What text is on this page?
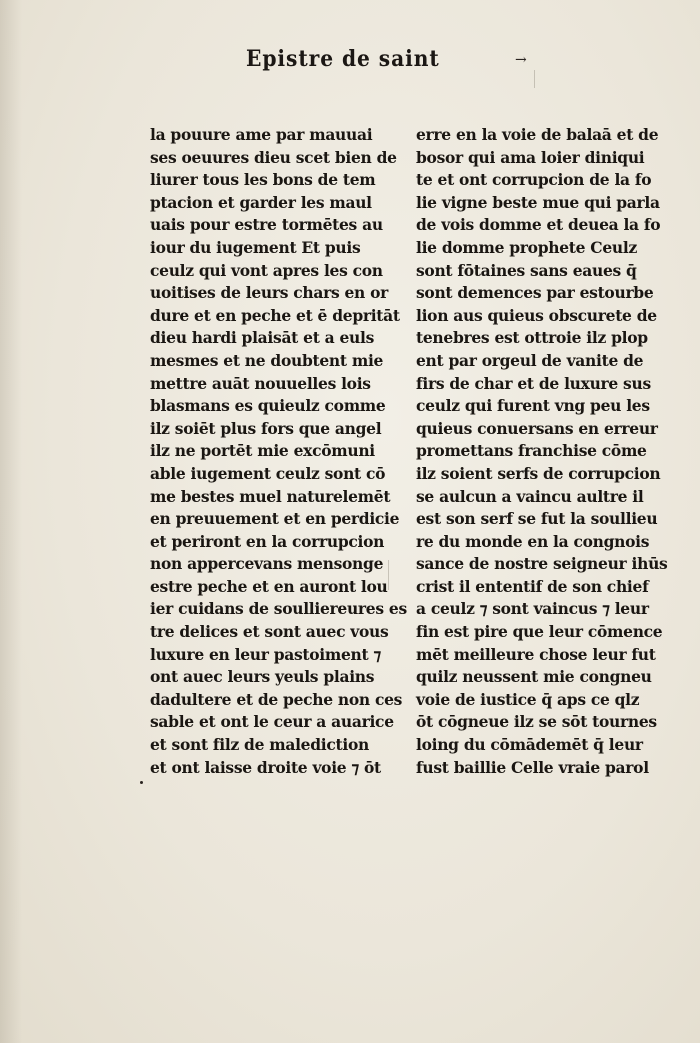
Epistre de saint	→
la pouure ame par mauuai
ses oeuures dieu scet bien de
liurer tous les bons de tem
ptacion et garder les maul
uais pour estre tormētes au
iour du iugement Et puis
ceulz qui vont apres les con
uoitises de leurs chars en or
dure et en peche et ē depritāt
dieu hardi plaisāt et a euls
mesmes et ne doubtent mie
mettre auāt nouuelles lois
blasmans es quieulz comme
ilz soiēt plus fors que angel
ilz ne portēt mie excōmuni
able iugement ceulz sont cō
me bestes muel naturelemēt
en preuuement et en perdicie
et periront en la corrupcion
non appercevans mensonge
estre peche et en auront lou
ier cuidans de soulliereures es
tre delices et sont auec vous
luxure en leur pastoiment ⁊
ont auec leurs yeuls plains
dadultere et de peche non ces
sable et ont le ceur a auarice
et sont filz de malediction
et ont laisse droite voie ⁊ ōt
erre en la voie de balaā et de
bosor qui ama loier diniqui
te et ont corrupcion de la fo
lie vigne beste mue qui parla
de vois domme et deuea la fo
lie domme prophete Ceulz
sont fōtaines sans eaues q̄
sont demences par estourbe
lion aus quieus obscurete de
tenebres est ottroie ilz plop
ent par orgeul de vanite de
firs de char et de luxure sus
ceulz qui furent vng peu les
quieus conuersans en erreur
promettans franchise cōme
ilz soient serfs de corrupcion
se aulcun a vaincu aultre il
est son serf se fut la soullieu
re du monde en la congnois
sance de nostre seigneur ihūs
crist il ententif de son chief
a ceulz ⁊ sont vaincus ⁊ leur
fin est pire que leur cōmence
mēt meilleure chose leur fut
quilz neussent mie congneu
voie de iustice q̄ aps ce qlz
ōt cōgneue ilz se sōt tournes
loing du cōmādemēt q̄ leur
fust baillie Celle vraie parol
